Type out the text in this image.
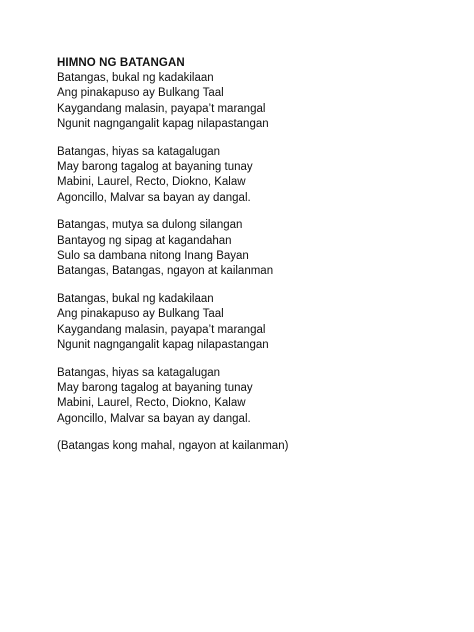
HIMNO NG BATANGAN
Batangas, bukal ng kadakilaan
Ang pinakapuso ay Bulkang Taal
Kaygandang malasin, payapa’t marangal
Ngunit nagngangalit kapag nilapastangan
Batangas, hiyas sa katagalugan
May barong tagalog at bayaning tunay
Mabini, Laurel, Recto, Diokno, Kalaw
Agoncillo, Malvar sa bayan ay dangal.
Batangas, mutya sa dulong silangan
Bantayog ng sipag at kagandahan
Sulo sa dambana nitong Inang Bayan
Batangas, Batangas, ngayon at kailanman
Batangas, bukal ng kadakilaan
Ang pinakapuso ay Bulkang Taal
Kaygandang malasin, payapa’t marangal
Ngunit nagngangalit kapag nilapastangan
Batangas, hiyas sa katagalugan
May barong tagalog at bayaning tunay
Mabini, Laurel, Recto, Diokno, Kalaw
Agoncillo, Malvar sa bayan ay dangal.
(Batangas kong mahal, ngayon at kailanman)
